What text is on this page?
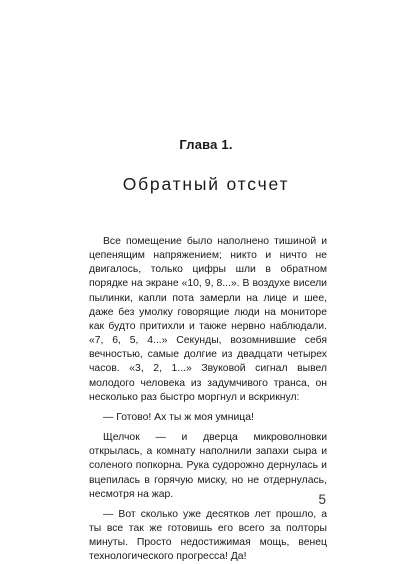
Глава 1.
Обратный отсчет

Все помещение было наполнено тишиной и цепенящим напряжением; никто и ничто не двигалось, только цифры шли в обратном порядке на экране «10, 9, 8...». В воздухе висели пылинки, капли пота замерли на лице и шее, даже без умолку говорящие люди на мониторе как будто притихли и также нервно наблюдали. «7, 6, 5, 4...» Секунды, возомнившие себя вечностью, самые долгие из двадцати четырех часов. «3, 2, 1...» Звуковой сигнал вывел молодого человека из задумчивого транса, он несколько раз быстро моргнул и вскрикнул:

— Готово! Ах ты ж моя умница!

Щелчок — и дверца микроволновки открылась, а комнату наполнили запахи сыра и соленого попкорна. Рука судорожно дернулась и вцепилась в горячую миску, но не отдернулась, несмотря на жар.

— Вот сколько уже десятков лет прошло, а ты все так же готовишь его всего за полторы минуты. Просто недостижимая мощь, венец технологического прогресса! Да!

5
